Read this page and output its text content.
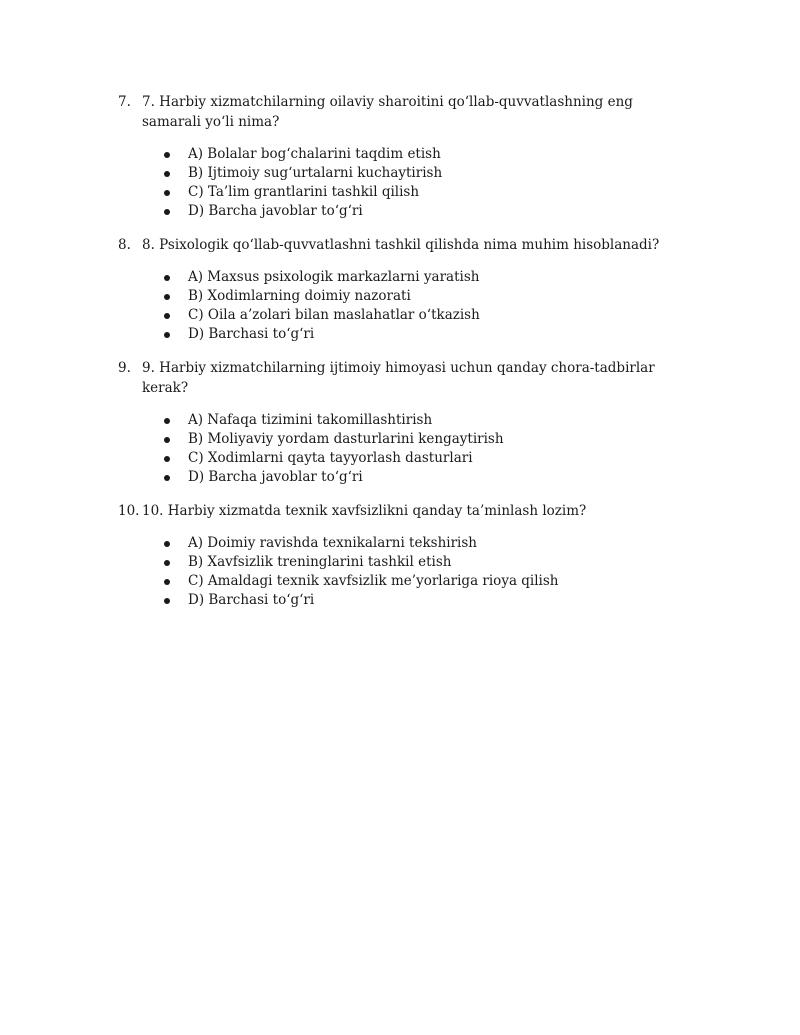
7. 7. Harbiy xizmatchilarning oilaviy sharoitini qo‘llab-quvvatlashning eng samarali yo‘li nima?
A) Bolalar bog‘chalarini taqdim etish
B) Ijtimoiy sug‘urtalarni kuchaytirish
C) Ta’lim grantlarini tashkil qilish
D) Barcha javoblar to‘g‘ri
8. 8. Psixologik qo‘llab-quvvatlashni tashkil qilishda nima muhim hisoblanadi?
A) Maxsus psixologik markazlarni yaratish
B) Xodimlarning doimiy nazorati
C) Oila a’zolari bilan maslahatlar o‘tkazish
D) Barchasi to‘g‘ri
9. 9. Harbiy xizmatchilarning ijtimoiy himoyasi uchun qanday chora-tadbirlar kerak?
A) Nafaqa tizimini takomillashtirish
B) Moliyaviy yordam dasturlarini kengaytirish
C) Xodimlarni qayta tayyorlash dasturlari
D) Barcha javoblar to‘g‘ri
10. 10. Harbiy xizmatda texnik xavfsizlikni qanday ta’minlash lozim?
A) Doimiy ravishda texnikalarni tekshirish
B) Xavfsizlik treninglarini tashkil etish
C) Amaldagi texnik xavfsizlik me’yorlariga rioya qilish
D) Barchasi to‘g‘ri
